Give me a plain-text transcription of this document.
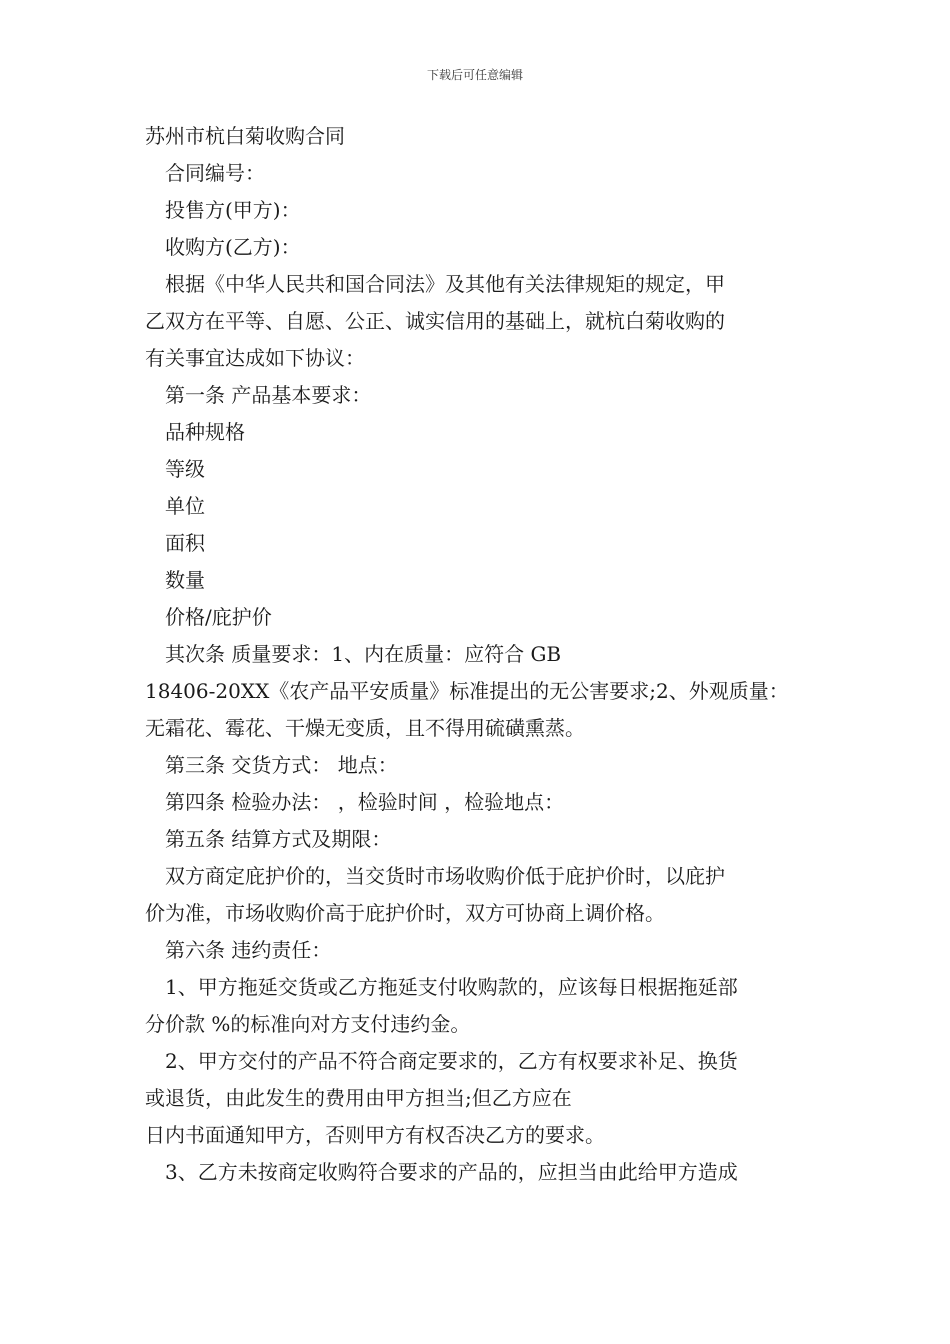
下载后可任意编辑
苏州市杭白菊收购合同
合同编号：
投售方(甲方)：
收购方(乙方)：
根据《中华人民共和国合同法》及其他有关法律规矩的规定，甲
乙双方在平等、自愿、公正、诚实信用的基础上，就杭白菊收购的
有关事宜达成如下协议：
第一条 产品基本要求：
品种规格
等级
单位
面积
数量
价格/庇护价
其次条 质量要求：1、内在质量：应符合 GB
18406-20XX《农产品平安质量》标准提出的无公害要求;2、外观质量：
无霜花、霉花、干燥无变质，且不得用硫磺熏蒸。
第三条 交货方式： 地点：
第四条 检验办法： ，检验时间 ，检验地点：
第五条 结算方式及期限：
双方商定庇护价的，当交货时市场收购价低于庇护价时，以庇护
价为准，市场收购价高于庇护价时，双方可协商上调价格。
第六条 违约责任：
1、甲方拖延交货或乙方拖延支付收购款的，应该每日根据拖延部
分价款 %的标准向对方支付违约金。
2、甲方交付的产品不符合商定要求的，乙方有权要求补足、换货
或退货，由此发生的费用由甲方担当;但乙方应在
日内书面通知甲方，否则甲方有权否决乙方的要求。
3、乙方未按商定收购符合要求的产品的，应担当由此给甲方造成
